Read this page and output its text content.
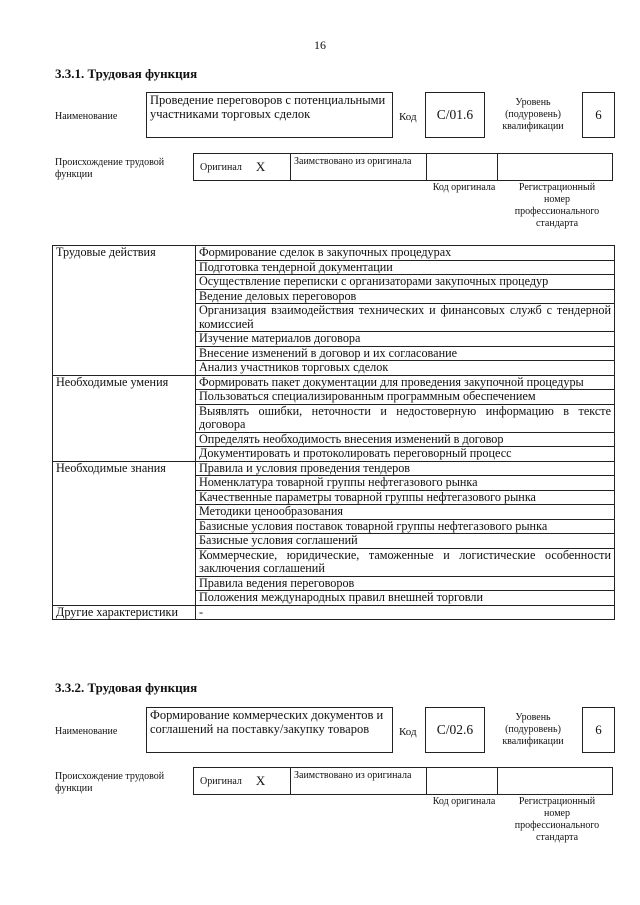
16
3.3.1. Трудовая функция
Наименование
Проведение переговоров с потенциальными участниками торговых сделок	Код	C/01.6
Уровень (подуровень) квалификации
6
Происхождение трудовой функции
Оригинал X	Заимствовано из оригинала
Код оригинала	Регистрационный номер профессионального стандарта
Трудовые действия	Формирование сделок в закупочных процедурах
	Подготовка тендерной документации
	Осуществление переписки с организаторами закупочных процедур
	Ведение деловых переговоров
	Организация взаимодействия технических и финансовых служб с тендерной комиссией
	Изучение материалов договора
	Внесение изменений в договор и их согласование
	Анализ участников торговых сделок
Необходимые умения	Формировать пакет документации для проведения закупочной процедуры
	Пользоваться специализированным программным обеспечением
	Выявлять ошибки, неточности и недостоверную информацию в тексте договора
	Определять необходимость внесения изменений в договор
	Документировать и протоколировать переговорный процесс
Необходимые знания	Правила и условия проведения тендеров
	Номенклатура товарной группы нефтегазового рынка
	Качественные параметры товарной группы нефтегазового рынка
	Методики ценообразования
	Базисные условия поставок товарной группы нефтегазового рынка
	Базисные условия соглашений
	Коммерческие, юридические, таможенные и логистические особенности заключения соглашений
	Правила ведения переговоров
	Положения международных правил внешней торговли
Другие характеристики	-
3.3.2. Трудовая функция
Наименование
Формирование коммерческих документов и соглашений на поставку/закупку товаров	Код	C/02.6
Уровень (подуровень) квалификации
6
Происхождение трудовой функции
Оригинал X	Заимствовано из оригинала
Код оригинала	Регистрационный номер профессионального стандарта
